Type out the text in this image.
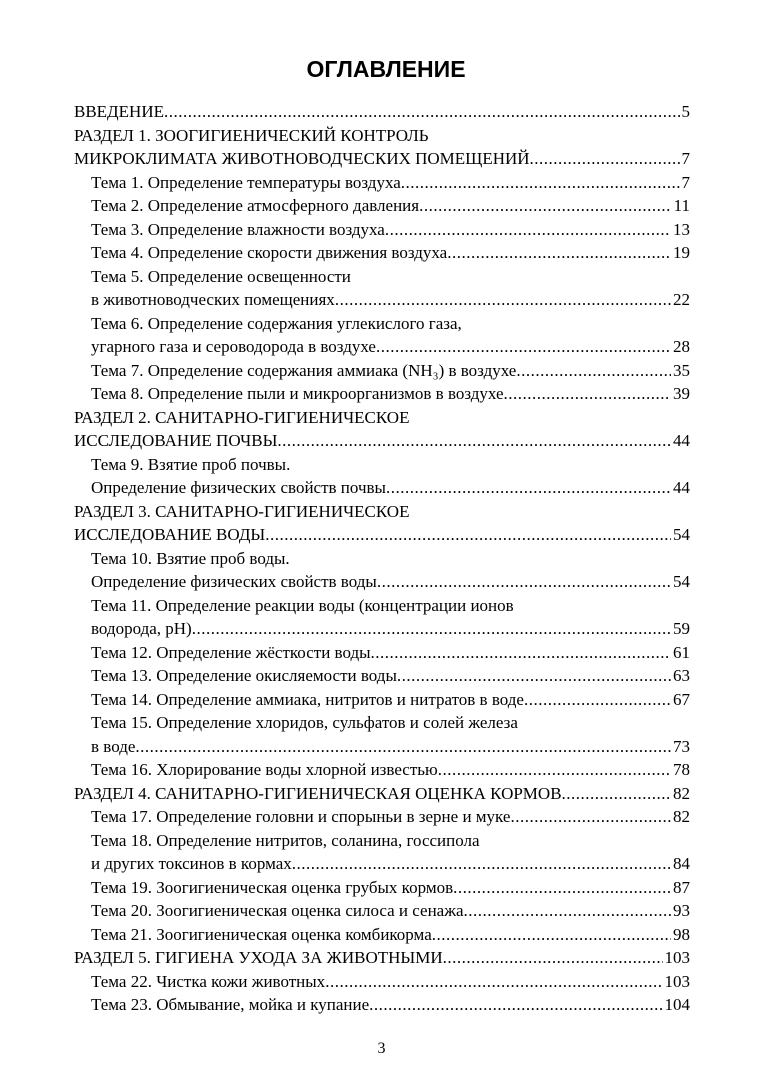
ОГЛАВЛЕНИЕ
ВВЕДЕНИЕ .....	5
РАЗДЕЛ 1. ЗООГИГИЕНИЧЕСКИЙ КОНТРОЛЬ
МИКРОКЛИМАТА ЖИВОТНОВОДЧЕСКИХ ПОМЕЩЕНИЙ .....	7
Тема 1. Определение температуры воздуха .....	7
Тема 2. Определение атмосферного давления .....	11
Тема 3. Определение влажности воздуха .....	13
Тема 4. Определение скорости движения воздуха .....	19
Тема 5. Определение освещенности
в животноводческих помещениях .....	22
Тема 6. Определение содержания углекислого газа,
угарного газа и сероводорода в воздухе .....	28
Тема 7. Определение содержания аммиака (NH₃) в воздухе .....	35
Тема 8. Определение пыли и микроорганизмов в воздухе .....	39
РАЗДЕЛ 2. САНИТАРНО-ГИГИЕНИЧЕСКОЕ
ИССЛЕДОВАНИЕ ПОЧВЫ .....	44
Тема 9. Взятие проб почвы.
Определение физических свойств почвы .....	44
РАЗДЕЛ 3. САНИТАРНО-ГИГИЕНИЧЕСКОЕ
ИССЛЕДОВАНИЕ ВОДЫ .....	54
Тема 10. Взятие проб воды.
Определение физических свойств воды .....	54
Тема 11. Определение реакции воды (концентрации ионов
водорода, pH) .....	59
Тема 12. Определение жёсткости воды .....	61
Тема 13. Определение окисляемости воды .....	63
Тема 14. Определение аммиака, нитритов и нитратов в воде .....	67
Тема 15. Определение хлоридов, сульфатов и солей железа
в воде .....	73
Тема 16. Хлорирование воды хлорной известью .....	78
РАЗДЕЛ 4. САНИТАРНО-ГИГИЕНИЧЕСКАЯ ОЦЕНКА КОРМОВ .....	82
Тема 17. Определение головни и спорыньи в зерне и муке .....	82
Тема 18. Определение нитритов, соланина, госсипола
и других токсинов в кормах .....	84
Тема 19. Зоогигиеническая оценка грубых кормов .....	87
Тема 20. Зоогигиеническая оценка силоса и сенажа .....	93
Тема 21. Зоогигиеническая оценка комбикорма .....	98
РАЗДЕЛ 5. ГИГИЕНА УХОДА ЗА ЖИВОТНЫМИ .....	103
Тема 22. Чистка кожи животных .....	103
Тема 23. Обмывание, мойка и купание .....	104
3
